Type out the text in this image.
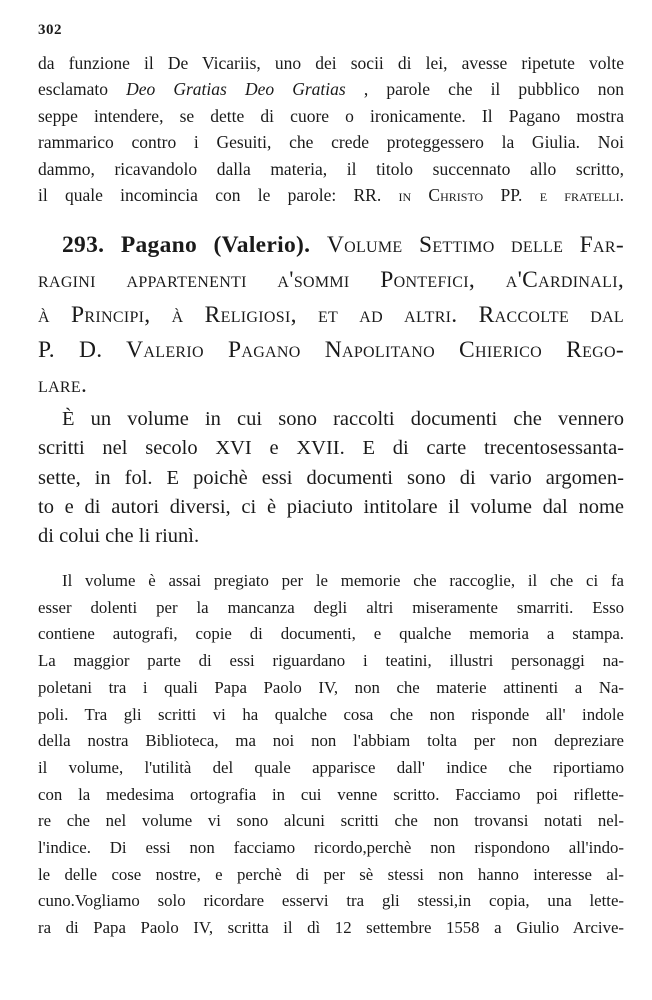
302
da funzione il De Vicariis, uno dei socii di lei, avesse ripetute volte
esclamato Deo Gratias Deo Gratias , parole che il pubblico non
seppe intendere, se dette di cuore o ironicamente. Il Pagano mostra
rammarico contro i Gesuiti, che crede proteggessero la Giulia. Noi
dammo, ricavandolo dalla materia, il titolo succennato allo scritto,
il quale incomincia con le parole: RR. in Christo PP. e fratelli.
293. Pagano (Valerio). Volume Settimo delle Far-
ragini appartenenti a'sommi Pontefici, a'Cardinali,
à Principi, à Religiosi, et ad altri. Raccolte dal
P. D. Valerio Pagano Napolitano Chierico Rego-
lare.
È un volume in cui sono raccolti documenti che vennero
scritti nel secolo XVI e XVII. E di carte trecentosessanta-
sette, in fol. E poichè essi documenti sono di vario argomen-
to e di autori diversi, ci è piaciuto intitolare il volume dal nome
di colui che li riunì.
Il volume è assai pregiato per le memorie che raccoglie, il che ci fa
esser dolenti per la mancanza degli altri miseramente smarriti. Esso
contiene autografi, copie di documenti, e qualche memoria a stampa.
La maggior parte di essi riguardano i teatini, illustri personaggi na-
poletani tra i quali Papa Paolo IV, non che materie attinenti a Na-
poli. Tra gli scritti vi ha qualche cosa che non risponde all' indole
della nostra Biblioteca, ma noi non l'abbiam tolta per non depreziare
il volume, l'utilità del quale apparisce dall' indice che riportiamo
con la medesima ortografia in cui venne scritto. Facciamo poi riflette-
re che nel volume vi sono alcuni scritti che non trovansi notati nel-
l'indice. Di essi non facciamo ricordo,perchè non rispondono all'indo-
le delle cose nostre, e perchè di per sè stessi non hanno interesse al-
cuno.Vogliamo solo ricordare esservi tra gli stessi,in copia, una lette-
ra di Papa Paolo IV, scritta il dì 12 settembre 1558 a Giulio Arcive-
